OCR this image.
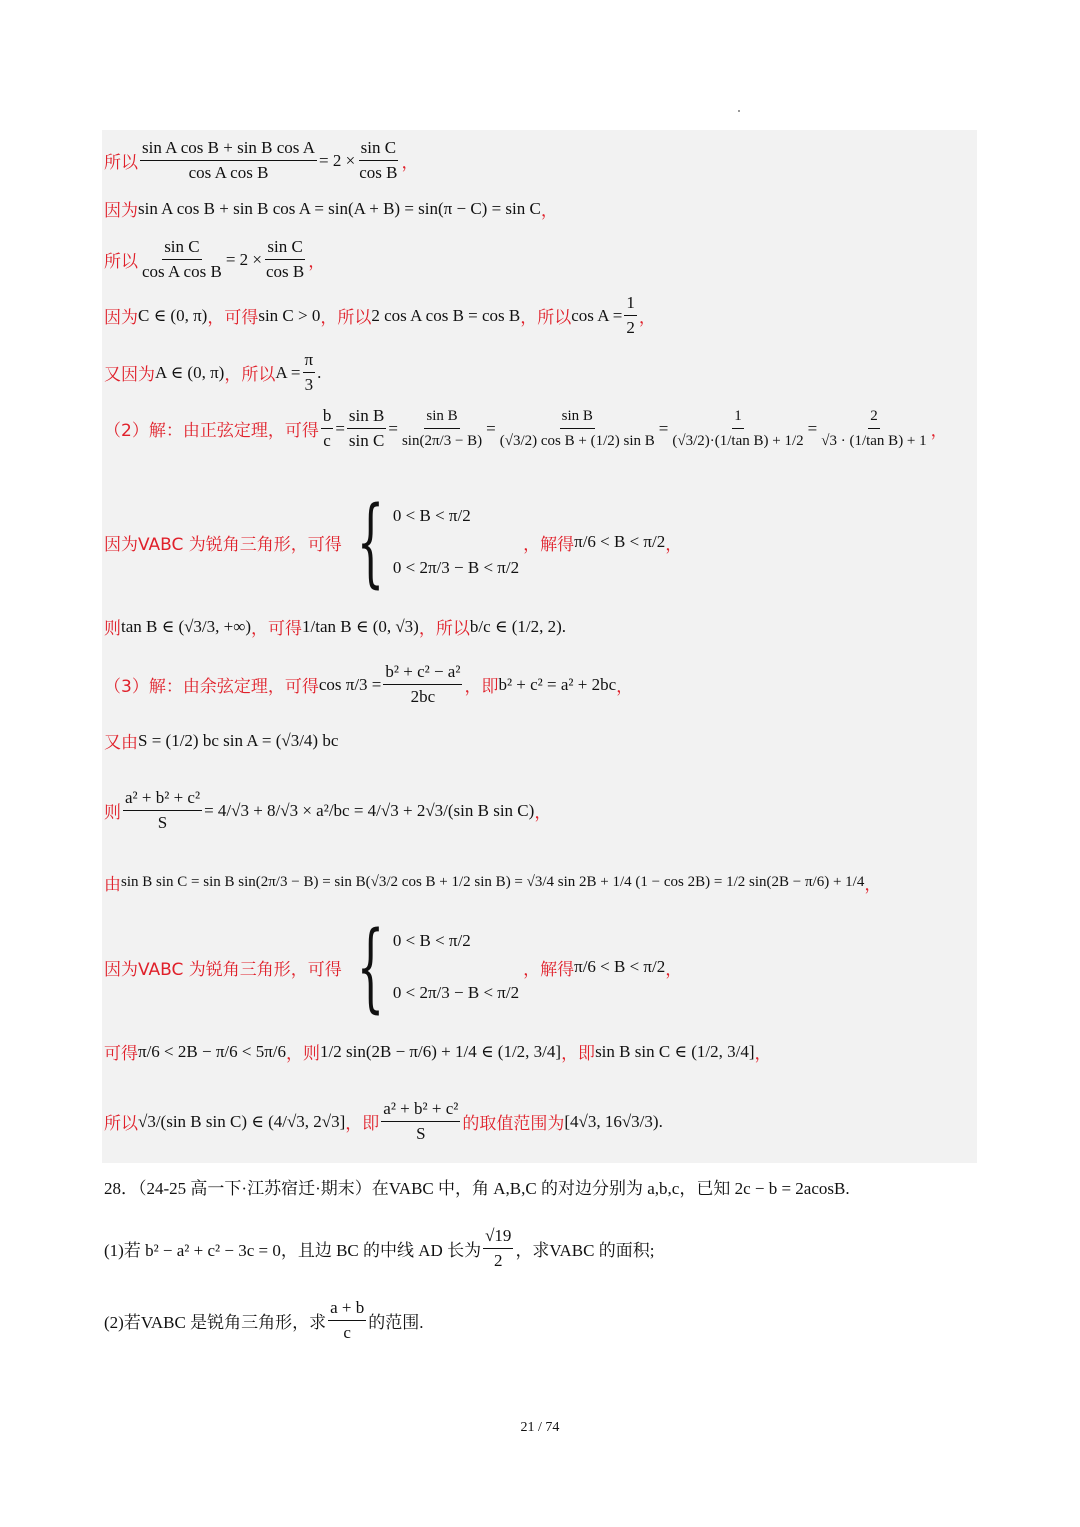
所以 $\frac{\text{sin A cos B + sin B cos A}}{\text{cos A cos B}} = 2 \times \frac{\text{sin C}}{\text{cos B}}$ ，
因为 sin A cos B + sin B cos A = sin(A + B) = sin(π − C) = sin C ，
所以 $\frac{\text{sin C}}{\text{cos A cos B}} = 2 \times \frac{\text{sin C}}{\text{cos B}}$ ，
因为 C ∈ (0, π) ，可得 sin C > 0 ，所以 2 cos A cos B = cos B ，所以 $\cos A = \frac{1}{2}$ ，
又因为 A ∈ (0, π) ，所以 $A = \frac{\pi}{3}$ .
（2）解：由正弦定理，可得 $\frac{b}{c} = \frac{\text{sin B}}{\text{sin C}} = \frac{\text{sin B}}{\sin(2\pi/3 - B)} = \frac{\text{sin B}}{\text{(√3/2) cos B + (1/2) sin B}} = \frac{1}{\text{(√3/2)·(1/tan B) + 1/2}} = \frac{2}{\text{√3 · (1/tan B) + 1}}$ ，
因为VABC 为锐角三角形，可得 { 0 < B < π/2
0 < 2π/3 − B < π/2
，解得 π/6 < B < π/2 ，
则 tan B ∈ (√3/3, +∞) ，可得 1/tan B ∈ (0, √3) ，所以 b/c ∈ (1/2, 2) .
（3）解：由余弦定理，可得 $\cos \pi/3 = \frac{\text{b² + c² − a²}}{2bc}$ ，即 b² + c² = a² + 2bc ，
又由 S = (1/2) bc sin A = (√3/4) bc
则 $\frac{\text{a² + b² + c²}}{S} = 4/√3 + 8/√3 \times a^2/bc = 4/√3 + 2√3/(\sin$ B sin C) ，
由 sin B sin C = sin B sin(2π/3 − B) = sin B(√3/2 cos B + 1/2 sin B) = √3/4 sin 2B + 1/4 (1 − cos 2B) = 1/2 sin(2B − π/6) + 1/4 ，
因为VABC 为锐角三角形，可得 { 0 < B < π/2
0 < 2π/3 − B < π/2
，解得 π/6 < B < π/2 ，
可得 π/6 < 2B − π/6 < 5π/6 ，则 1/2 sin(2B − π/6) + 1/4 ∈ (1/2, 3/4] ，即 sin B sin C ∈ (1/2, 3/4] ，
所以 √3/(sin B sin C) ∈ (4/√3, 2√3] ，即 $\frac{\text{a² + b² + c²}}{S}$ 的取值范围为 [4√3, 16√3/3) .
28．（24-25 高一下·江苏宿迁·期末）在VABC 中，角 A,B,C 的对边分别为 a,b,c，已知 2c − b = 2acosB.
(1)若 b² − a² + c² − 3c = 0，且边 BC 的中线 AD 长为 $\frac{√19}{2}$ ，求VABC 的面积;
(2)若VABC 是锐角三角形，求 $\frac{a + b}{c}$ 的范围.
21 / 74
